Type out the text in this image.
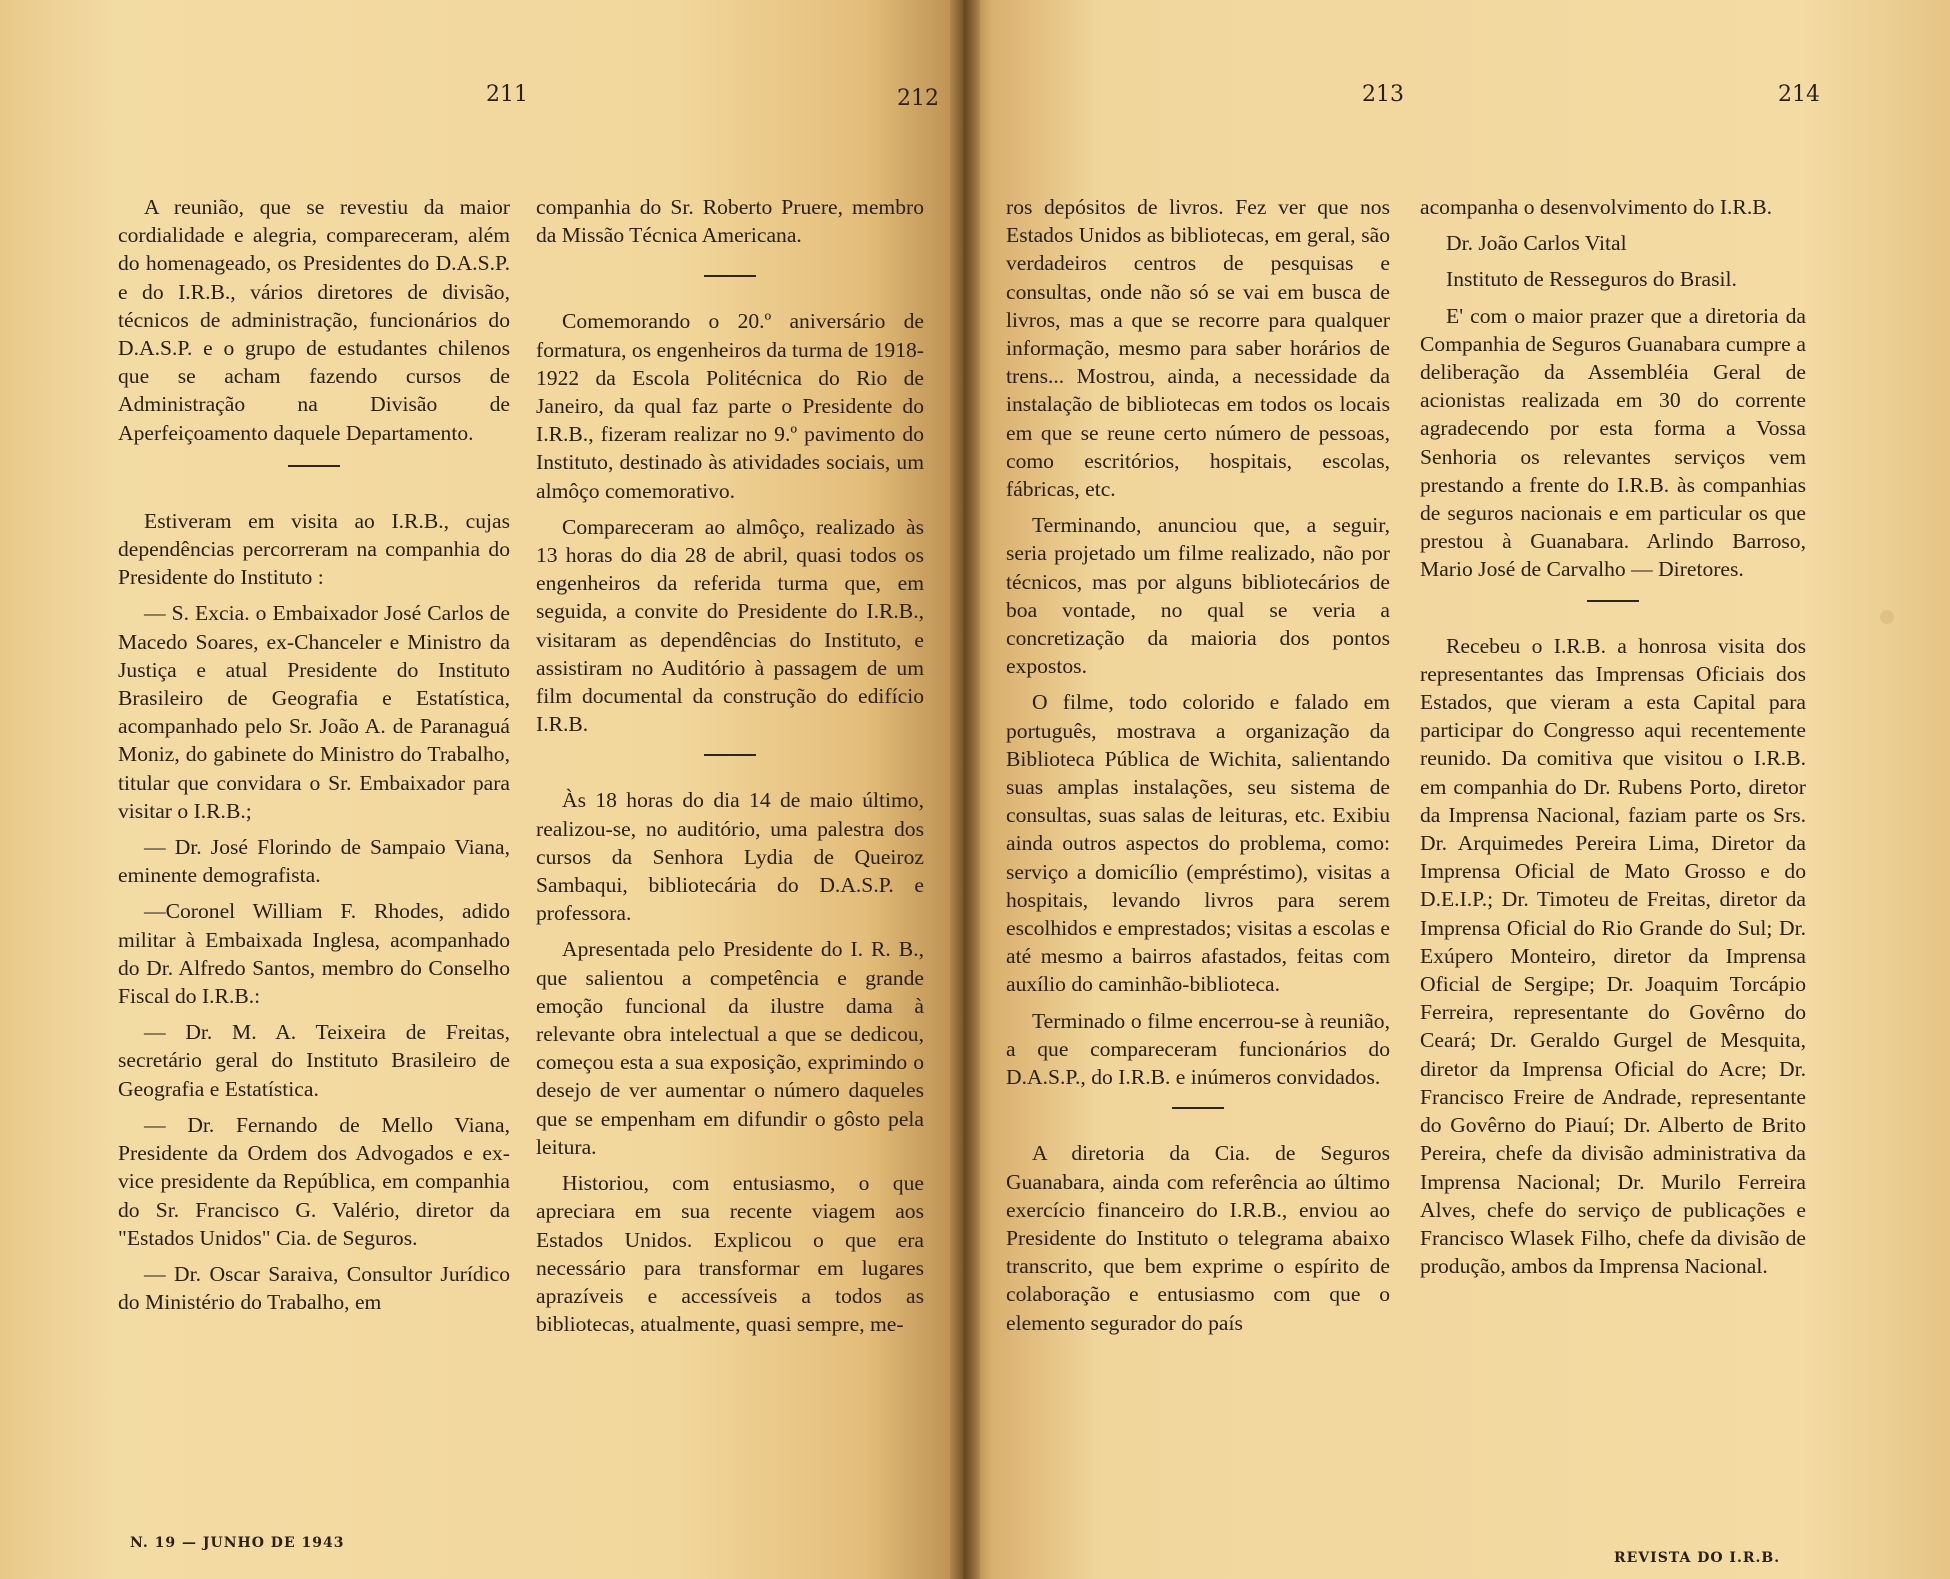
211	212	213	214

A reunião, que se revestiu da maior cordialidade e alegria, compareceram, além do homenageado, os Presidentes do D.A.S.P. e do I.R.B., vários diretores de divisão, técnicos de administração, funcionários do D.A.S.P. e o grupo de estudantes chilenos que se acham fazendo cursos de Administração na Divisão de Aperfeiçoamento daquele Departamento.

Estiveram em visita ao I.R.B., cujas dependências percorreram na companhia do Presidente do Instituto :

— S. Excia. o Embaixador José Carlos de Macedo Soares, ex-Chanceler e Ministro da Justiça e atual Presidente do Instituto Brasileiro de Geografia e Estatística, acompanhado pelo Sr. João A. de Paranaguá Moniz, do gabinete do Ministro do Trabalho, titular que convidara o Sr. Embaixador para visitar o I.R.B.;

— Dr. José Florindo de Sampaio Viana, eminente demografista.

—Coronel William F. Rhodes, adido militar à Embaixada Inglesa, acompanhado do Dr. Alfredo Santos, membro do Conselho Fiscal do I.R.B.:

— Dr. M. A. Teixeira de Freitas, secretário geral do Instituto Brasileiro de Geografia e Estatística.

— Dr. Fernando de Mello Viana, Presidente da Ordem dos Advogados e ex-vice presidente da República, em companhia do Sr. Francisco G. Valério, diretor da "Estados Unidos" Cia. de Seguros.

— Dr. Oscar Saraiva, Consultor Jurídico do Ministério do Trabalho, em

companhia do Sr. Roberto Pruere, membro da Missão Técnica Americana.

Comemorando o 20.º aniversário de formatura, os engenheiros da turma de 1918-1922 da Escola Politécnica do Rio de Janeiro, da qual faz parte o Presidente do I.R.B., fizeram realizar no 9.º pavimento do Instituto, destinado às atividades sociais, um almôço comemorativo.

Compareceram ao almôço, realizado às 13 horas do dia 28 de abril, quasi todos os engenheiros da referida turma que, em seguida, a convite do Presidente do I.R.B., visitaram as dependências do Instituto, e assistiram no Auditório à passagem de um film documental da construção do edifício I.R.B.

Às 18 horas do dia 14 de maio último, realizou-se, no auditório, uma palestra dos cursos da Senhora Lydia de Queiroz Sambaqui, bibliotecária do D.A.S.P. e professora.

Apresentada pelo Presidente do I. R. B., que salientou a competência e grande emoção funcional da ilustre dama à relevante obra intelectual a que se dedicou, começou esta a sua exposição, exprimindo o desejo de ver aumentar o número daqueles que se empenham em difundir o gôsto pela leitura.

Historiou, com entusiasmo, o que apreciara em sua recente viagem aos Estados Unidos. Explicou o que era necessário para transformar em lugares aprazíveis e accessíveis a todos as bibliotecas, atualmente, quasi sempre, me-

ros depósitos de livros. Fez ver que nos Estados Unidos as bibliotecas, em geral, são verdadeiros centros de pesquisas e consultas, onde não só se vai em busca de livros, mas a que se recorre para qualquer informação, mesmo para saber horários de trens... Mostrou, ainda, a necessidade da instalação de bibliotecas em todos os locais em que se reune certo número de pessoas, como escritórios, hospitais, escolas, fábricas, etc.

Terminando, anunciou que, a seguir, seria projetado um filme realizado, não por técnicos, mas por alguns bibliotecários de boa vontade, no qual se veria a concretização da maioria dos pontos expostos.

O filme, todo colorido e falado em português, mostrava a organização da Biblioteca Pública de Wichita, salientando suas amplas instalações, seu sistema de consultas, suas salas de leituras, etc. Exibiu ainda outros aspectos do problema, como: serviço a domicílio (empréstimo), visitas a hospitais, levando livros para serem escolhidos e emprestados; visitas a escolas e até mesmo a bairros afastados, feitas com auxílio do caminhão-biblioteca.

Terminado o filme encerrou-se à reunião, a que compareceram funcionários do D.A.S.P., do I.R.B. e inúmeros convidados.

A diretoria da Cia. de Seguros Guanabara, ainda com referência ao último exercício financeiro do I.R.B., enviou ao Presidente do Instituto o telegrama abaixo transcrito, que bem exprime o espírito de colaboração e entusiasmo com que o elemento segurador do país

acompanha o desenvolvimento do I.R.B.

Dr. João Carlos Vital

Instituto de Resseguros do Brasil.

E' com o maior prazer que a diretoria da Companhia de Seguros Guanabara cumpre a deliberação da Assembléia Geral de acionistas realizada em 30 do corrente agradecendo por esta forma a Vossa Senhoria os relevantes serviços vem prestando a frente do I.R.B. às companhias de seguros nacionais e em particular os que prestou à Guanabara. Arlindo Barroso, Mario José de Carvalho — Diretores.

Recebeu o I.R.B. a honrosa visita dos representantes das Imprensas Oficiais dos Estados, que vieram a esta Capital para participar do Congresso aqui recentemente reunido. Da comitiva que visitou o I.R.B. em companhia do Dr. Rubens Porto, diretor da Imprensa Nacional, faziam parte os Srs. Dr. Arquimedes Pereira Lima, Diretor da Imprensa Oficial de Mato Grosso e do D.E.I.P.; Dr. Timoteu de Freitas, diretor da Imprensa Oficial do Rio Grande do Sul; Dr. Exúpero Monteiro, diretor da Imprensa Oficial de Sergipe; Dr. Joaquim Torcápio Ferreira, representante do Govêrno do Ceará; Dr. Geraldo Gurgel de Mesquita, diretor da Imprensa Oficial do Acre; Dr. Francisco Freire de Andrade, representante do Govêrno do Piauí; Dr. Alberto de Brito Pereira, chefe da divisão administrativa da Imprensa Nacional; Dr. Murilo Ferreira Alves, chefe do serviço de publicações e Francisco Wlasek Filho, chefe da divisão de produção, ambos da Imprensa Nacional.

N. 19 — JUNHO DE 1943
REVISTA DO I.R.B.
